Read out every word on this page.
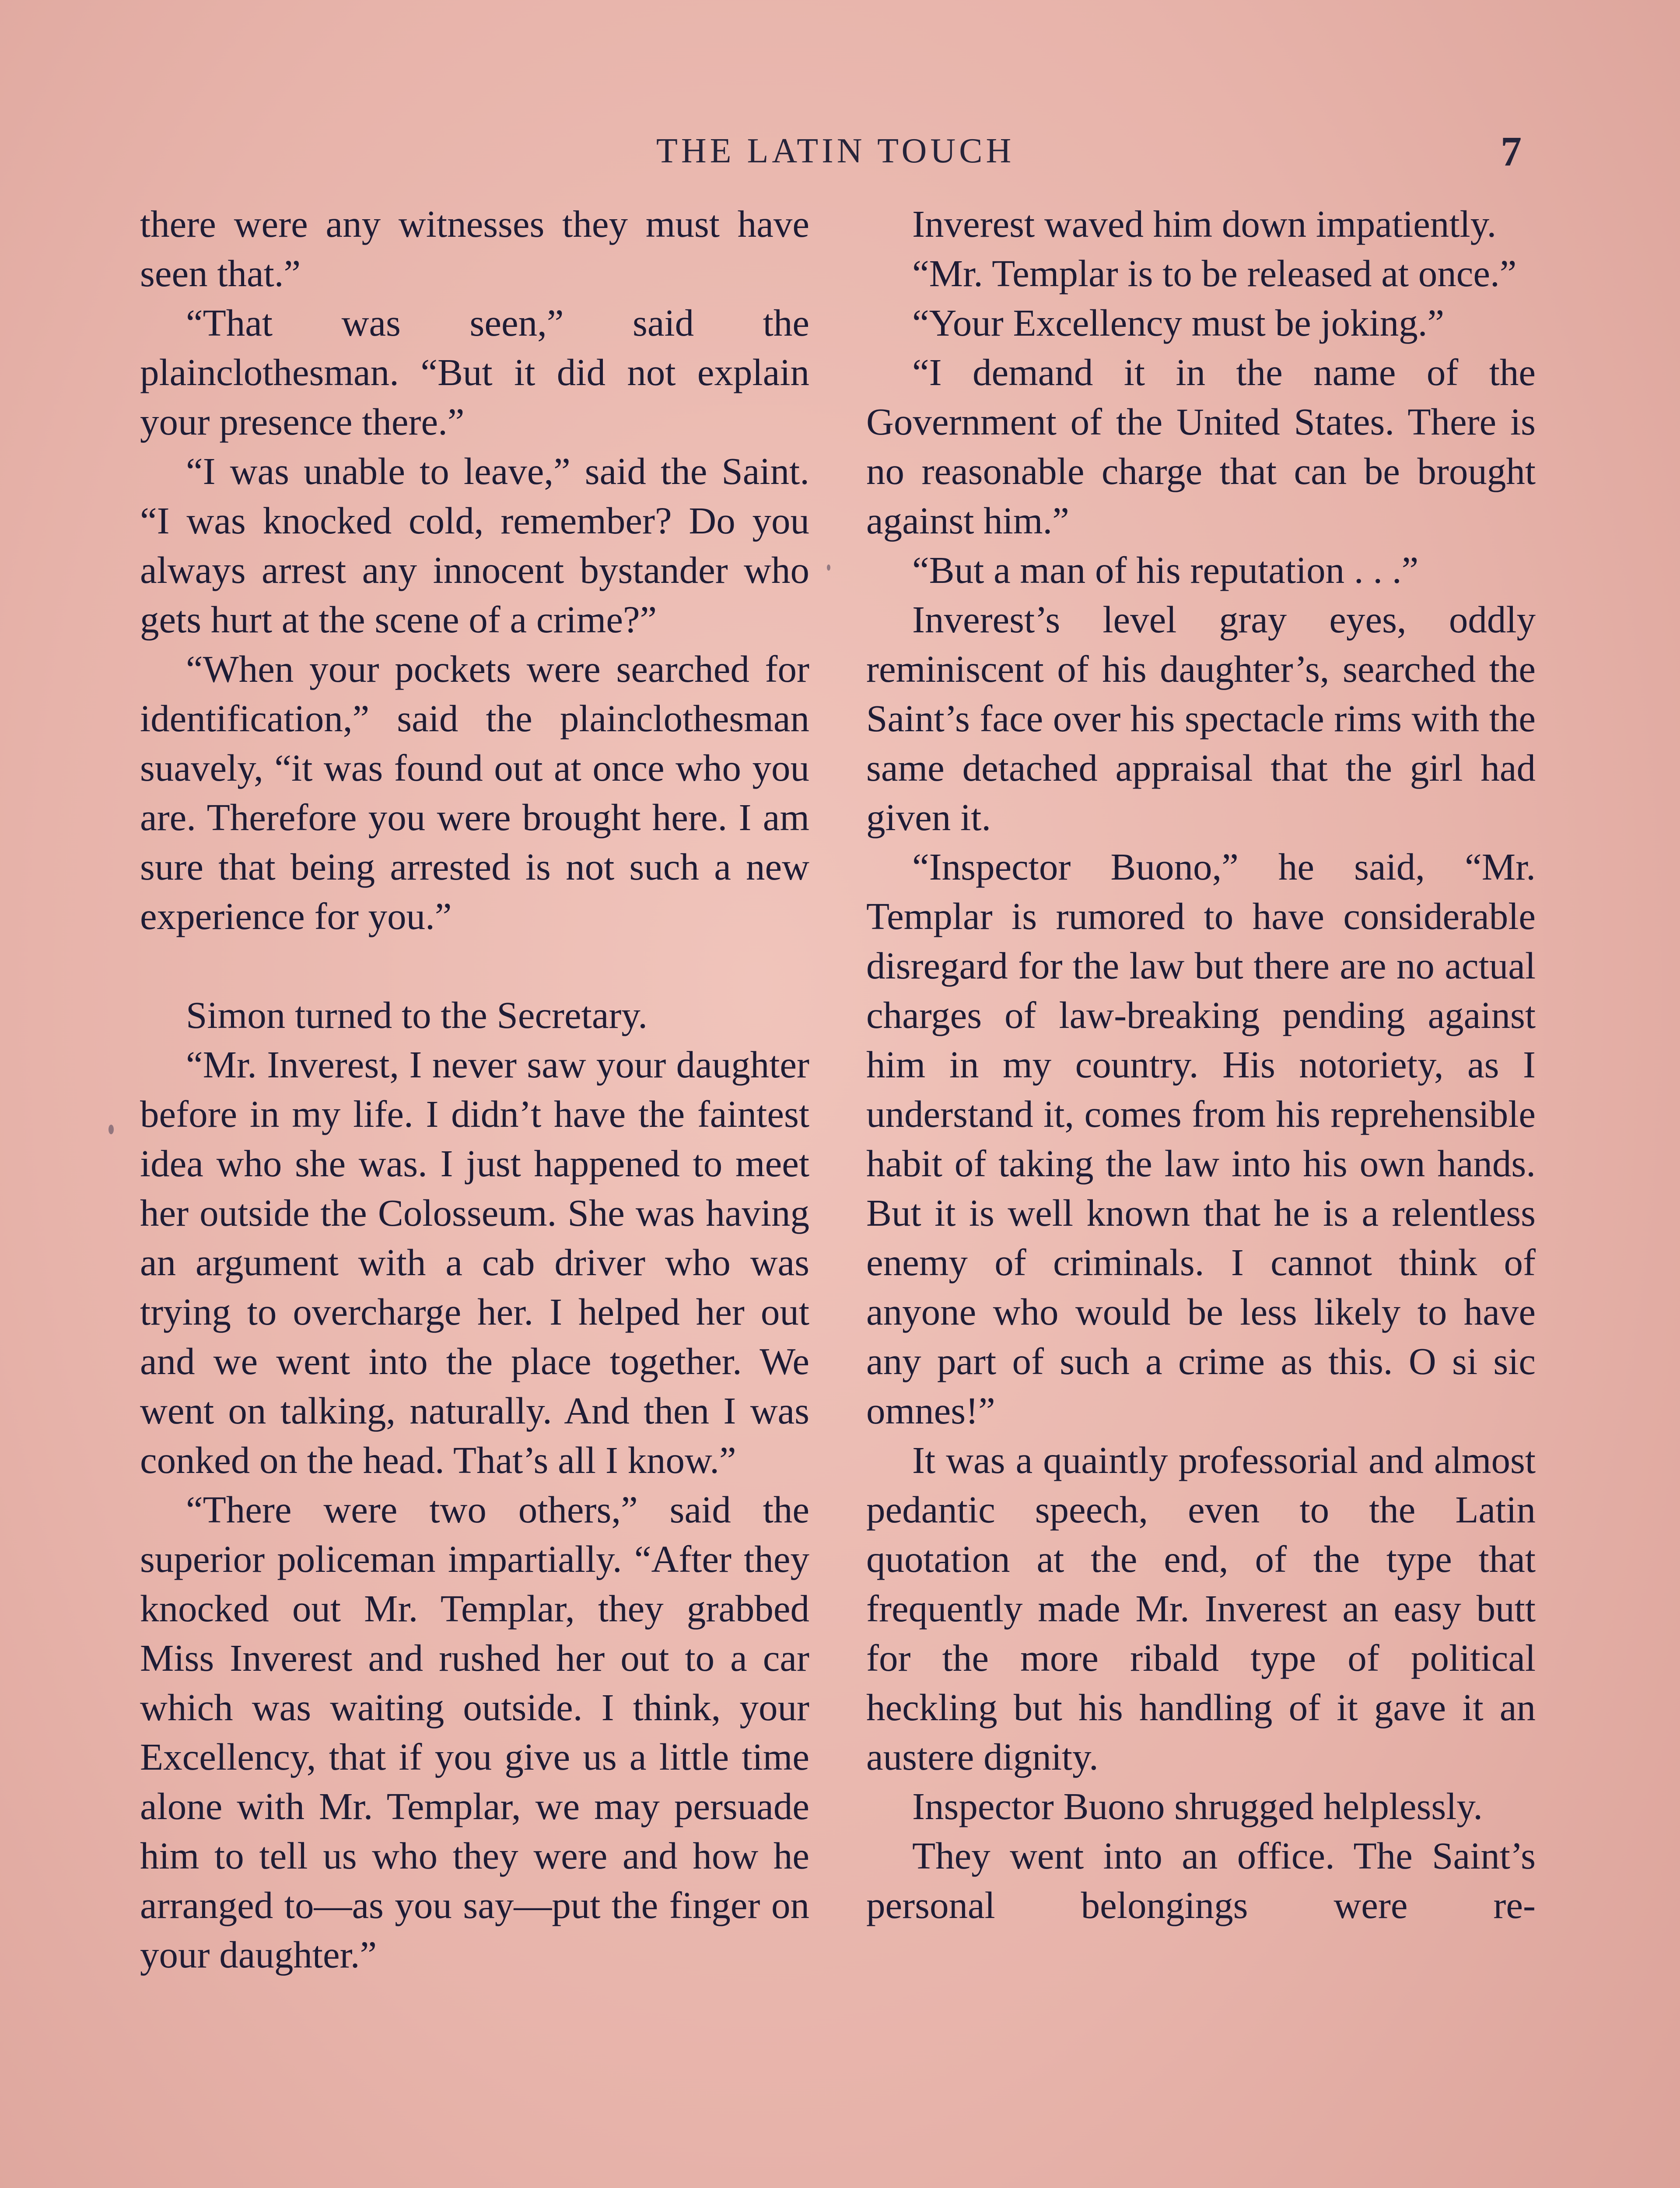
THE LATIN TOUCH	7

there were any witnesses they must have seen that.”

“That was seen,” said the plainclothesman. “But it did not explain your presence there.”

“I was unable to leave,” said the Saint. “I was knocked cold, remember? Do you always arrest any innocent bystander who gets hurt at the scene of a crime?”

“When your pockets were searched for identification,” said the plainclothesman suavely, “it was found out at once who you are. Therefore you were brought here. I am sure that being arrested is not such a new experience for you.”

Simon turned to the Secretary.

“Mr. Inverest, I never saw your daughter before in my life. I didn’t have the faintest idea who she was. I just happened to meet her outside the Colosseum. She was having an argument with a cab driver who was trying to overcharge her. I helped her out and we went into the place together. We went on talking, naturally. And then I was conked on the head. That’s all I know.”

“There were two others,” said the superior policeman impartially. “After they knocked out Mr. Templar, they grabbed Miss Inverest and rushed her out to a car which was waiting outside. I think, your Excellency, that if you give us a little time alone with Mr. Templar, we may persuade him to tell us who they were and how he arranged to—as you say—put the finger on your daughter.”

Inverest waved him down impatiently.

“Mr. Templar is to be released at once.”

“Your Excellency must be joking.”

“I demand it in the name of the Government of the United States. There is no reasonable charge that can be brought against him.”

“But a man of his reputation . . .”

Inverest’s level gray eyes, oddly reminiscent of his daughter’s, searched the Saint’s face over his spectacle rims with the same detached appraisal that the girl had given it.

“Inspector Buono,” he said, “Mr. Templar is rumored to have considerable disregard for the law but there are no actual charges of law-breaking pending against him in my country. His notoriety, as I understand it, comes from his reprehensible habit of taking the law into his own hands. But it is well known that he is a relentless enemy of criminals. I cannot think of anyone who would be less likely to have any part of such a crime as this. O si sic omnes!”

It was a quaintly professorial and almost pedantic speech, even to the Latin quotation at the end, of the type that frequently made Mr. Inverest an easy butt for the more ribald type of political heckling but his handling of it gave it an austere dignity.

Inspector Buono shrugged helplessly.

They went into an office. The Saint’s personal belongings were re-
